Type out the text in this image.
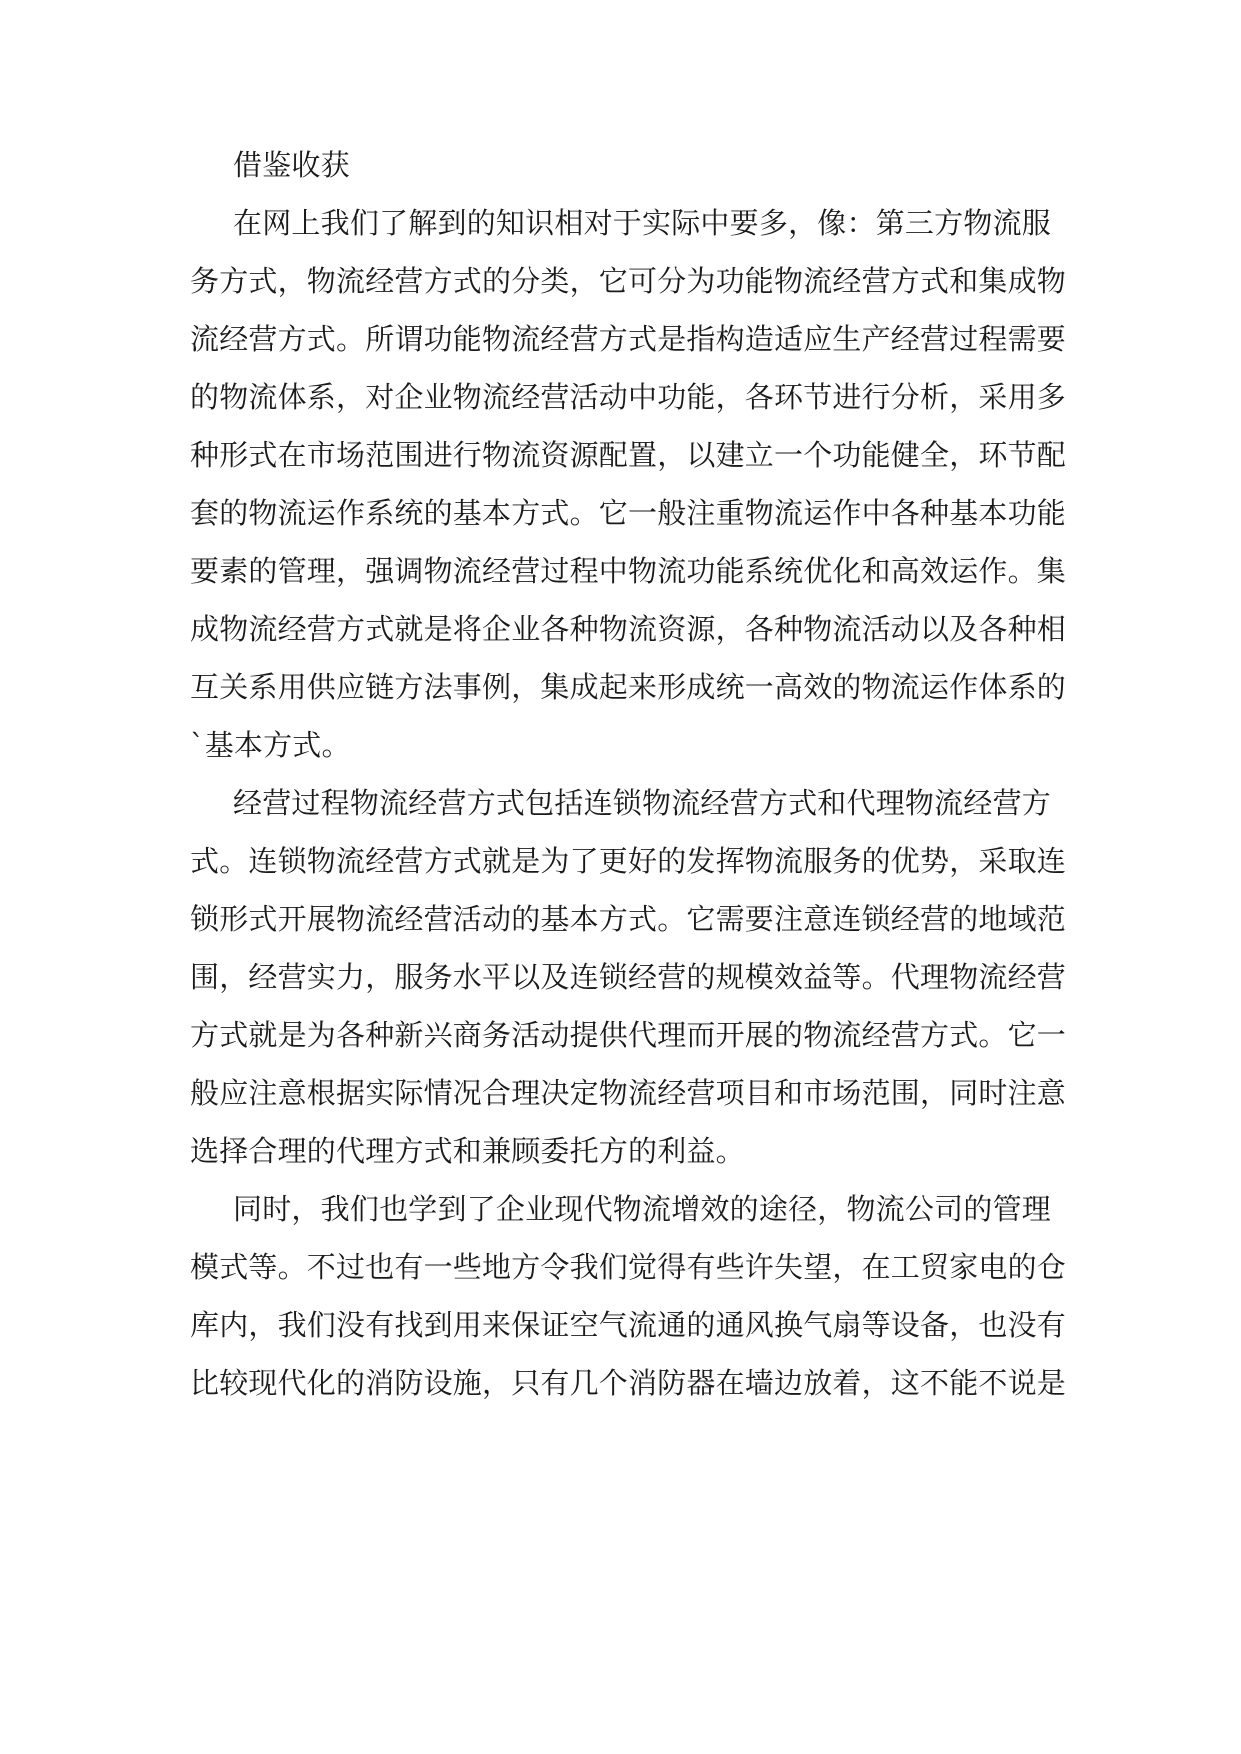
借鉴收获

在网上我们了解到的知识相对于实际中要多，像：第三方物流服

务方式，物流经营方式的分类，它可分为功能物流经营方式和集成物

流经营方式。所谓功能物流经营方式是指构造适应生产经营过程需要

的物流体系，对企业物流经营活动中功能，各环节进行分析，采用多

种形式在市场范围进行物流资源配置，以建立一个功能健全，环节配

套的物流运作系统的基本方式。它一般注重物流运作中各种基本功能

要素的管理，强调物流经营过程中物流功能系统优化和高效运作。集

成物流经营方式就是将企业各种物流资源，各种物流活动以及各种相

互关系用供应链方法事例，集成起来形成统一高效的物流运作体系的

`基本方式。

经营过程物流经营方式包括连锁物流经营方式和代理物流经营方

式。连锁物流经营方式就是为了更好的发挥物流服务的优势，采取连

锁形式开展物流经营活动的基本方式。它需要注意连锁经营的地域范

围，经营实力，服务水平以及连锁经营的规模效益等。代理物流经营

方式就是为各种新兴商务活动提供代理而开展的物流经营方式。它一

般应注意根据实际情况合理决定物流经营项目和市场范围，同时注意

选择合理的代理方式和兼顾委托方的利益。

同时，我们也学到了企业现代物流增效的途径，物流公司的管理

模式等。不过也有一些地方令我们觉得有些许失望，在工贸家电的仓

库内，我们没有找到用来保证空气流通的通风换气扇等设备，也没有

比较现代化的消防设施，只有几个消防器在墙边放着，这不能不说是
